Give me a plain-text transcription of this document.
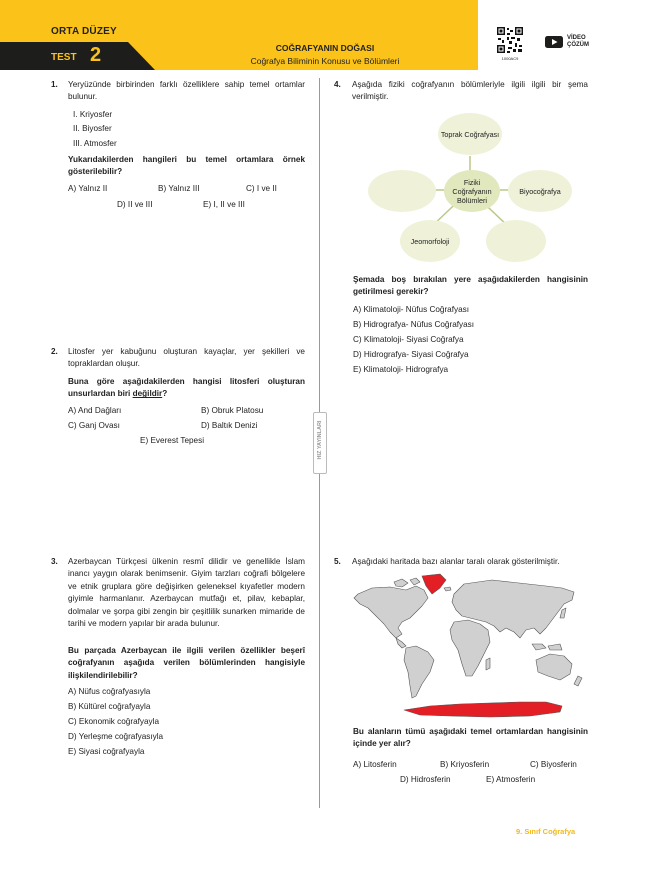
ORTA DÜZEY
TEST 2	COĞRAFYANIN DOĞASI
Coğrafya Biliminin Konusu ve Bölümleri	1000AC9
VİDEO
ÇÖZÜM
HIZ YAYINLARI
1. Yeryüzünde birbirinden farklı özelliklere sahip temel ortamlar bulunur.
I. Kriyosfer
II. Biyosfer
III. Atmosfer
Yukarıdakilerden hangileri bu temel ortamlara örnek gösterilebilir?
A) Yalnız II	B) Yalnız III	C) I ve II
D) II ve III	E) I, II ve III
2. Litosfer yer kabuğunu oluşturan kayaçlar, yer şekilleri ve topraklardan oluşur.
Buna göre aşağıdakilerden hangisi litosferi oluşturan unsurlardan biri değildir?
A) And Dağları	B) Obruk Platosu
C) Ganj Ovası	D) Baltık Denizi
E) Everest Tepesi
3. Azerbaycan Türkçesi ülkenin resmî dilidir ve genellikle İslam inancı yaygın olarak benimsenir. Giyim tarzları coğrafi bölgelere ve etnik gruplara göre değişirken geleneksel kıyafetler modern giyimle harmanlanır. Azerbaycan mutfağı et, pilav, kebaplar, dolmalar ve şorpa gibi zengin bir çeşitlilik sunarken mimaride de tarihi ve modern yapılar bir arada bulunur.
Bu parçada Azerbaycan ile ilgili verilen özellikler beşerî coğrafyanın aşağıda verilen bölümlerinden hangisiyle ilişkilendirilebilir?
A) Nüfus coğrafyasıyla
B) Kültürel coğrafyayla
C) Ekonomik coğrafyayla
D) Yerleşme coğrafyasıyla
E) Siyasi coğrafyayla
4. Aşağıda fiziki coğrafyanın bölümleriyle ilgili ilgili bir şema verilmiştir.
Toprak Coğrafyası
Biyocoğrafya
Jeomorfoloji
Fiziki Coğrafyanın Bölümleri
Şemada boş bırakılan yere aşağıdakilerden hangisinin getirilmesi gerekir?
A) Klimatoloji- Nüfus Coğrafyası
B) Hidrografya- Nüfus Coğrafyası
C) Klimatoloji- Siyasi Coğrafya
D) Hidrografya- Siyasi Coğrafya
E) Klimatoloji- Hidrografya
5. Aşağıdaki haritada bazı alanlar taralı olarak gösterilmiştir.
Bu alanların tümü aşağıdaki temel ortamlardan hangisinin içinde yer alır?
A) Litosferin	B) Kriyosferin	C) Biyosferin
D) Hidrosferin	E) Atmosferin
9. Sınıf Coğrafya
